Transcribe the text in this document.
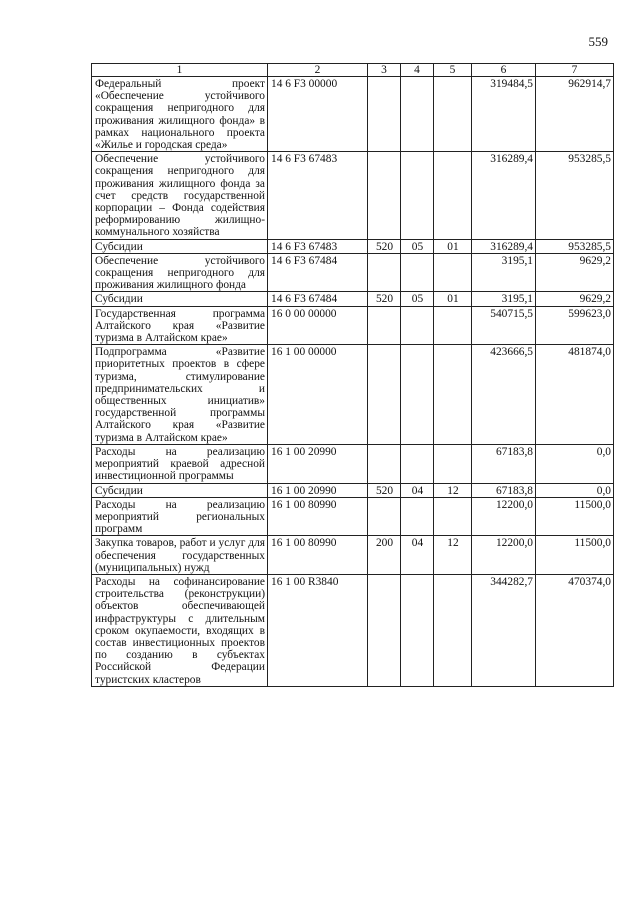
559
1	2	3	4	5	6	7
Федеральный проект «Обеспечение устойчивого сокращения непригодного для проживания жилищного фонда» в рамках национального проекта «Жилье и городская среда»	14 6 F3 00000				319484,5	962914,7
Обеспечение устойчивого сокращения непригодного для проживания жилищного фонда за счет средств государственной корпорации – Фонда содействия реформированию жилищно-коммунального хозяйства	14 6 F3 67483				316289,4	953285,5
Субсидии	14 6 F3 67483	520	05	01	316289,4	953285,5
Обеспечение устойчивого сокращения непригодного для проживания жилищного фонда	14 6 F3 67484				3195,1	9629,2
Субсидии	14 6 F3 67484	520	05	01	3195,1	9629,2
Государственная программа Алтайского края «Развитие туризма в Алтайском крае»	16 0 00 00000				540715,5	599623,0
Подпрограмма «Развитие приоритетных проектов в сфере туризма, стимулирование предпринимательских и общественных инициатив» государственной программы Алтайского края «Развитие туризма в Алтайском крае»	16 1 00 00000				423666,5	481874,0
Расходы на реализацию мероприятий краевой адресной инвестиционной программы	16 1 00 20990				67183,8	0,0
Субсидии	16 1 00 20990	520	04	12	67183,8	0,0
Расходы на реализацию мероприятий региональных программ	16 1 00 80990				12200,0	11500,0
Закупка товаров, работ и услуг для обеспечения государственных (муниципальных) нужд	16 1 00 80990	200	04	12	12200,0	11500,0
Расходы на софинансирование строительства (реконструкции) объектов обеспечивающей инфраструктуры с длительным сроком окупаемости, входящих в состав инвестиционных проектов по созданию в субъектах Российской Федерации туристских кластеров	16 1 00 R3840				344282,7	470374,0
